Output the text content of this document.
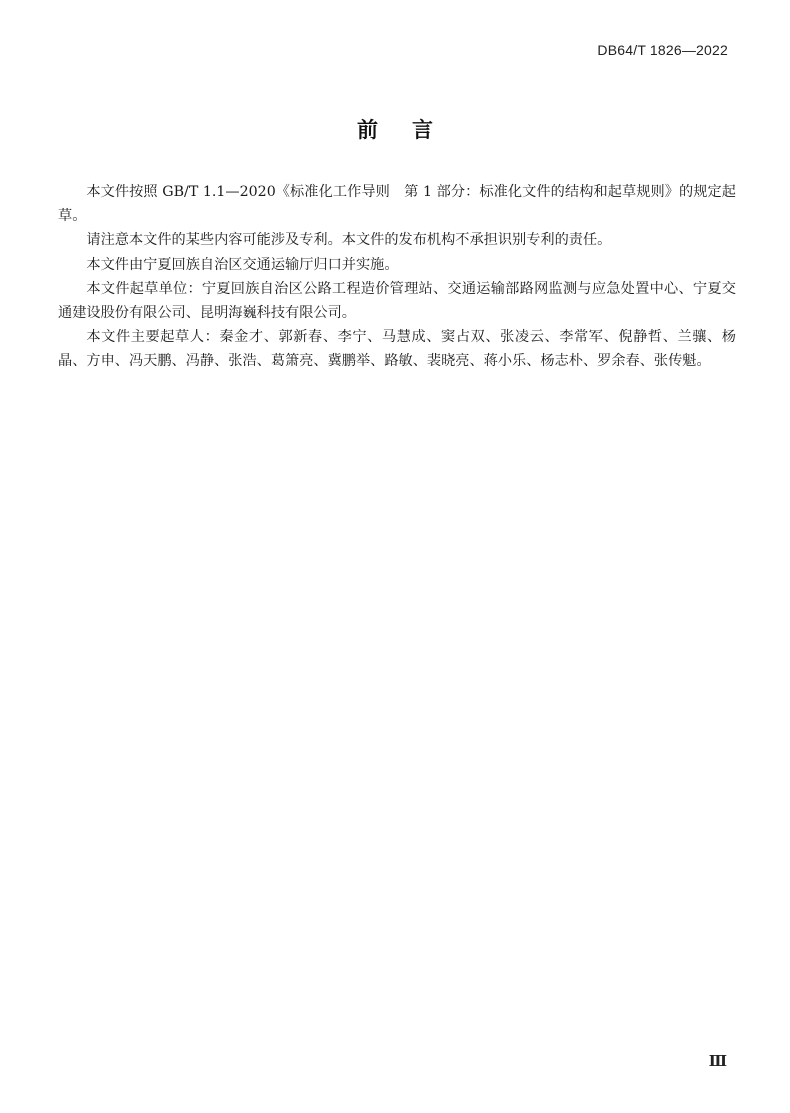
DB64/T 1826—2022
前言

本文件按照 GB/T 1.1—2020《标准化工作导则　第 1 部分：标准化文件的结构和起草规则》的规定起草。

请注意本文件的某些内容可能涉及专利。本文件的发布机构不承担识别专利的责任。

本文件由宁夏回族自治区交通运输厅归口并实施。

本文件起草单位：宁夏回族自治区公路工程造价管理站、交通运输部路网监测与应急处置中心、宁夏交通建设股份有限公司、昆明海巍科技有限公司。

本文件主要起草人：秦金才、郭新春、李宁、马慧成、窦占双、张凌云、李常军、倪静哲、兰骧、杨晶、方申、冯天鹏、冯静、张浩、葛箫亮、冀鹏举、路敏、裴晓亮、蒋小乐、杨志朴、罗余春、张传魁。

Ⅲ
